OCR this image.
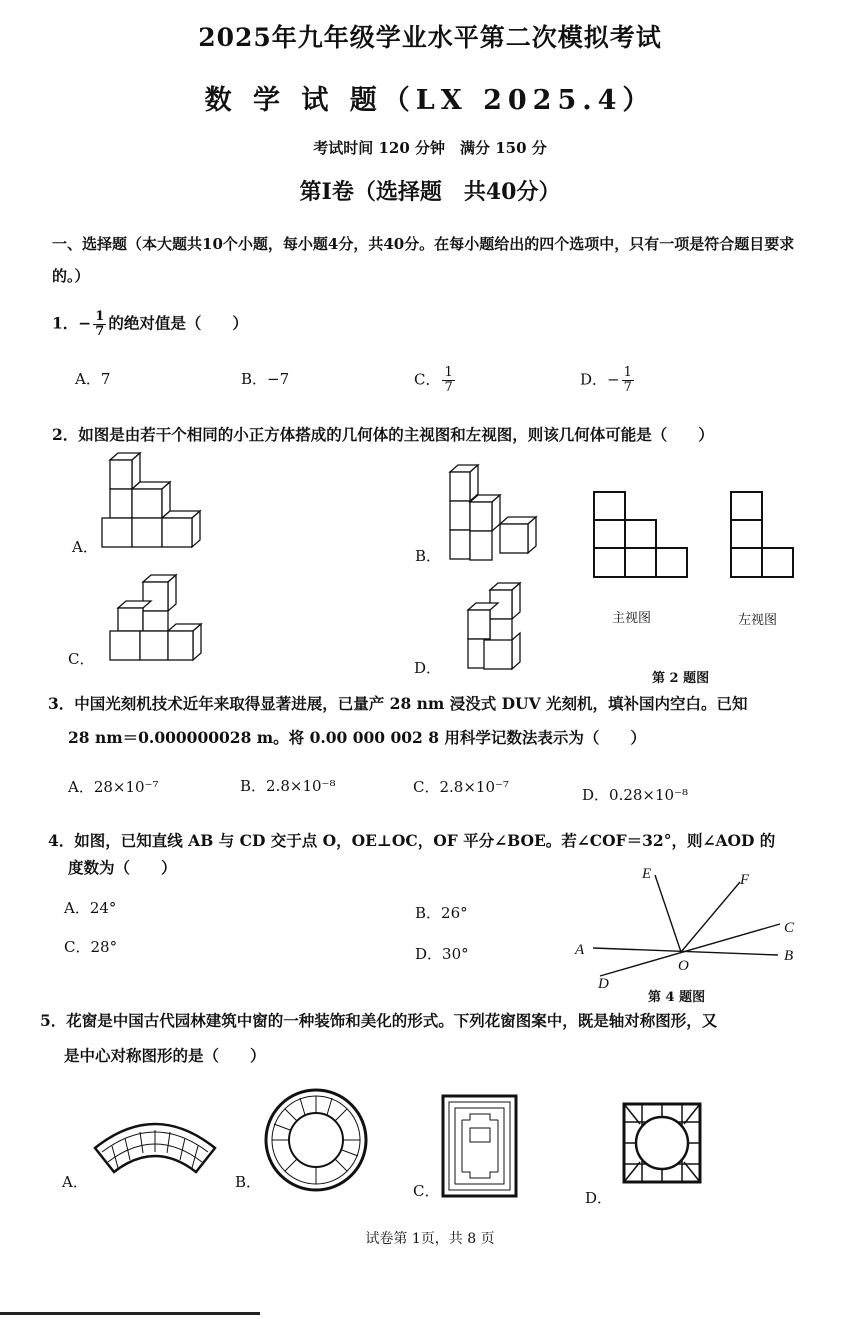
2025年九年级学业水平第二次模拟考试
数 学 试 题（LX 2025.4）
考试时间 120 分钟　满分 150 分
第Ⅰ卷（选择题　共40分）
一、选择题（本大题共10个小题，每小题4分，共40分。在每小题给出的四个选项中，只有一项是符合题目要求的。）
1．− $\frac{1}{7}$ 的绝对值是（　　）
A．7	B．−7	C． $\frac{1}{7}$	D．− $\frac{1}{7}$
2．如图是由若干个相同的小正方体搭成的几何体的主视图和左视图，则该几何体可能是（　　）
A．	B．
C．	D．
主视图	左视图
第 2 题图
3．中国光刻机技术近年来取得显著进展，已量产 28 nm 浸没式 DUV 光刻机，填补国内空白。已知
28 nm＝0.000000028 m。将 0.00 000 002 8 用科学记数法表示为（　　）
A．28×10⁻⁷	B．2.8×10⁻⁸	C．2.8×10⁻⁷	D．0.28×10⁻⁸
4．如图，已知直线 AB 与 CD 交于点 O，OE⊥OC，OF 平分∠BOE。若∠COF＝32°，则∠AOD 的
度数为（　　）
A．24°	B．26°
C．28°	D．30°	A	B
C
D
E	F
O
第 4 题图
5．花窗是中国古代园林建筑中窗的一种装饰和美化的形式。下列花窗图案中，既是轴对称图形，又
是中心对称图形的是（　　）
A．	B．	C．	D．
试卷第 1页，共 8 页
